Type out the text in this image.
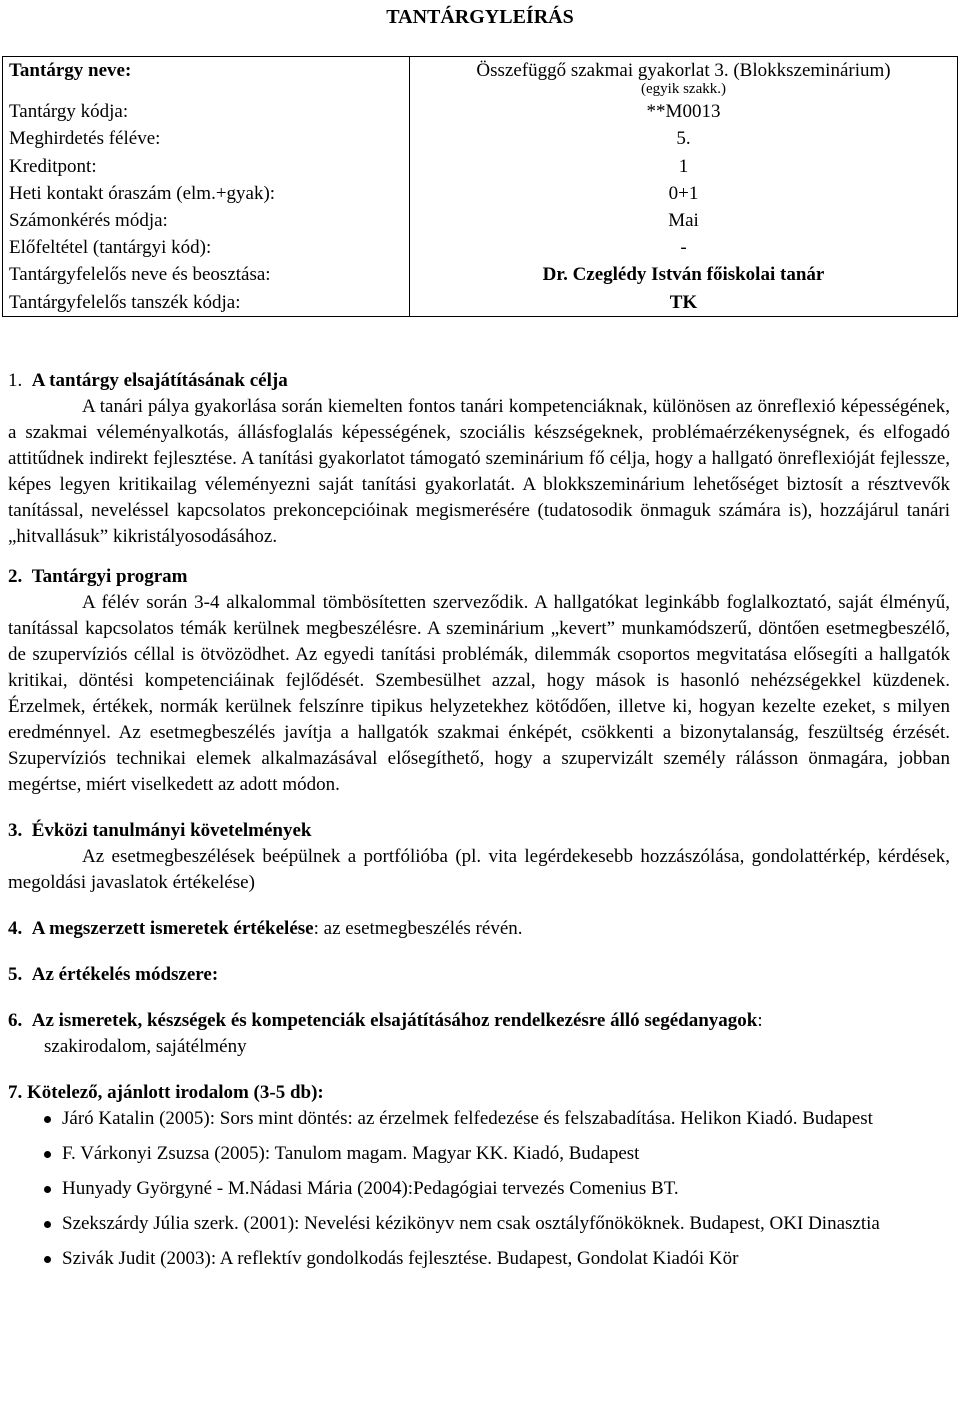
TANTÁRGYLEÍRÁS
Tantárgy neve:	Összefüggő szakmai gyakorlat 3. (Blokkszeminárium)
(egyik szakk.)

Tantárgy kódja:	**M0013
Meghirdetés féléve:	5.
Kreditpont:	1
Heti kontakt óraszám (elm.+gyak):	0+1
Számonkérés módja:	Mai
Előfeltétel (tantárgyi kód):	-
Tantárgyfelelős neve és beosztása:	Dr. Czeglédy István főiskolai tanár
Tantárgyfelelős tanszék kódja:	TK

1. A tantárgy elsajátításának célja

A tanári pálya gyakorlása során kiemelten fontos tanári kompetenciáknak, különösen az önreflexió képességének, a szakmai véleményalkotás, állásfoglalás képességének, szociális készségeknek, problémaérzékenységnek, és elfogadó attitűdnek indirekt fejlesztése. A tanítási gyakorlatot támogató szeminárium fő célja, hogy a hallgató önreflexióját fejlessze, képes legyen kritikailag véleményezni saját tanítási gyakorlatát. A blokkszeminárium lehetőséget biztosít a résztvevők tanítással, neveléssel kapcsolatos prekoncepcióinak megismerésére (tudatosodik önmaguk számára is), hozzájárul tanári „hitvallásuk” kikristályosodásához.

2. Tantárgyi program

A félév során 3-4 alkalommal tömbösítetten szerveződik. A hallgatókat leginkább foglalkoztató, saját élményű, tanítással kapcsolatos témák kerülnek megbeszélésre. A szeminárium „kevert” munkamódszerű, döntően esetmegbeszélő, de szupervíziós céllal is ötvözödhet. Az egyedi tanítási problémák, dilemmák csoportos megvitatása elősegíti a hallgatók kritikai, döntési kompetenciáinak fejlődését. Szembesülhet azzal, hogy mások is hasonló nehézségekkel küzdenek. Érzelmek, értékek, normák kerülnek felszínre tipikus helyzetekhez kötődően, illetve ki, hogyan kezelte ezeket, s milyen eredménnyel. Az esetmegbeszélés javítja a hallgatók szakmai énképét, csökkenti a bizonytalanság, feszültség érzését. Szupervíziós technikai elemek alkalmazásával elősegíthető, hogy a szupervizált személy rálásson önmagára, jobban megértse, miért viselkedett az adott módon.

3. Évközi tanulmányi követelmények

Az esetmegbeszélések beépülnek a portfólióba (pl. vita legérdekesebb hozzászólása, gondolattérkép, kérdések, megoldási javaslatok értékelése)

4. A megszerzett ismeretek értékelése: az esetmegbeszélés révén.

5. Az értékelés módszere:

6. Az ismeretek, készségek és kompetenciák elsajátításához rendelkezésre álló segédanyagok:

szakirodalom, sajátélmény

7. Kötelező, ajánlott irodalom (3-5 db):

Járó Katalin (2005): Sors mint döntés: az érzelmek felfedezése és felszabadítása. Helikon Kiadó. Budapest
F. Várkonyi Zsuzsa (2005): Tanulom magam. Magyar KK. Kiadó, Budapest
Hunyady Györgyné - M.Nádasi Mária (2004):Pedagógiai tervezés Comenius BT.
Szekszárdy Júlia szerk. (2001): Nevelési kézikönyv nem csak osztályfőnököknek. Budapest, OKI Dinasztia
Szivák Judit (2003): A reflektív gondolkodás fejlesztése. Budapest, Gondolat Kiadói Kör
